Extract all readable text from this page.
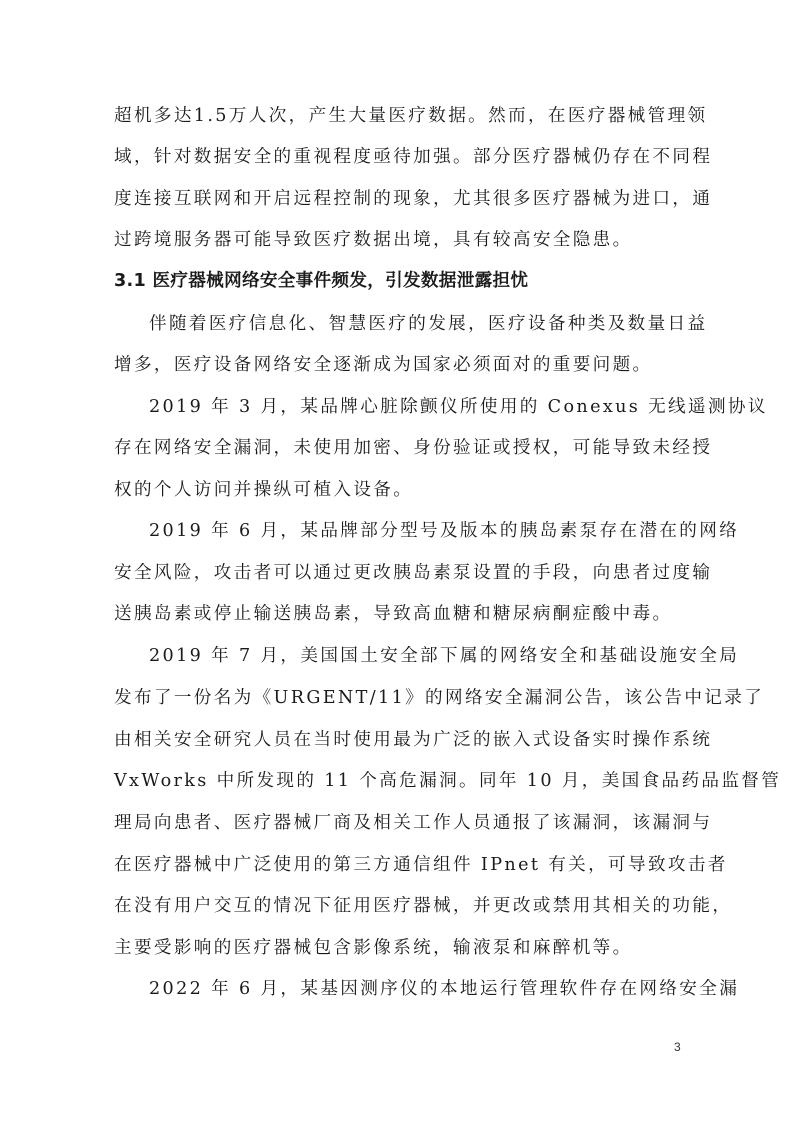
超机多达1.5万人次，产生大量医疗数据。然而，在医疗器械管理领
域，针对数据安全的重视程度亟待加强。部分医疗器械仍存在不同程
度连接互联网和开启远程控制的现象，尤其很多医疗器械为进口，通
过跨境服务器可能导致医疗数据出境，具有较高安全隐患。
3.1 医疗器械网络安全事件频发，引发数据泄露担忧
伴随着医疗信息化、智慧医疗的发展，医疗设备种类及数量日益
增多，医疗设备网络安全逐渐成为国家必须面对的重要问题。
2019 年 3 月，某品牌心脏除颤仪所使用的 Conexus 无线遥测协议
存在网络安全漏洞，未使用加密、身份验证或授权，可能导致未经授
权的个人访问并操纵可植入设备。
2019 年 6 月，某品牌部分型号及版本的胰岛素泵存在潜在的网络
安全风险，攻击者可以通过更改胰岛素泵设置的手段，向患者过度输
送胰岛素或停止输送胰岛素，导致高血糖和糖尿病酮症酸中毒。
2019 年 7 月，美国国土安全部下属的网络安全和基础设施安全局
发布了一份名为《URGENT/11》的网络安全漏洞公告，该公告中记录了
由相关安全研究人员在当时使用最为广泛的嵌入式设备实时操作系统
VxWorks 中所发现的 11 个高危漏洞。同年 10 月，美国食品药品监督管
理局向患者、医疗器械厂商及相关工作人员通报了该漏洞，该漏洞与
在医疗器械中广泛使用的第三方通信组件 IPnet 有关，可导致攻击者
在没有用户交互的情况下征用医疗器械，并更改或禁用其相关的功能，
主要受影响的医疗器械包含影像系统，输液泵和麻醉机等。
2022 年 6 月，某基因测序仪的本地运行管理软件存在网络安全漏
3
